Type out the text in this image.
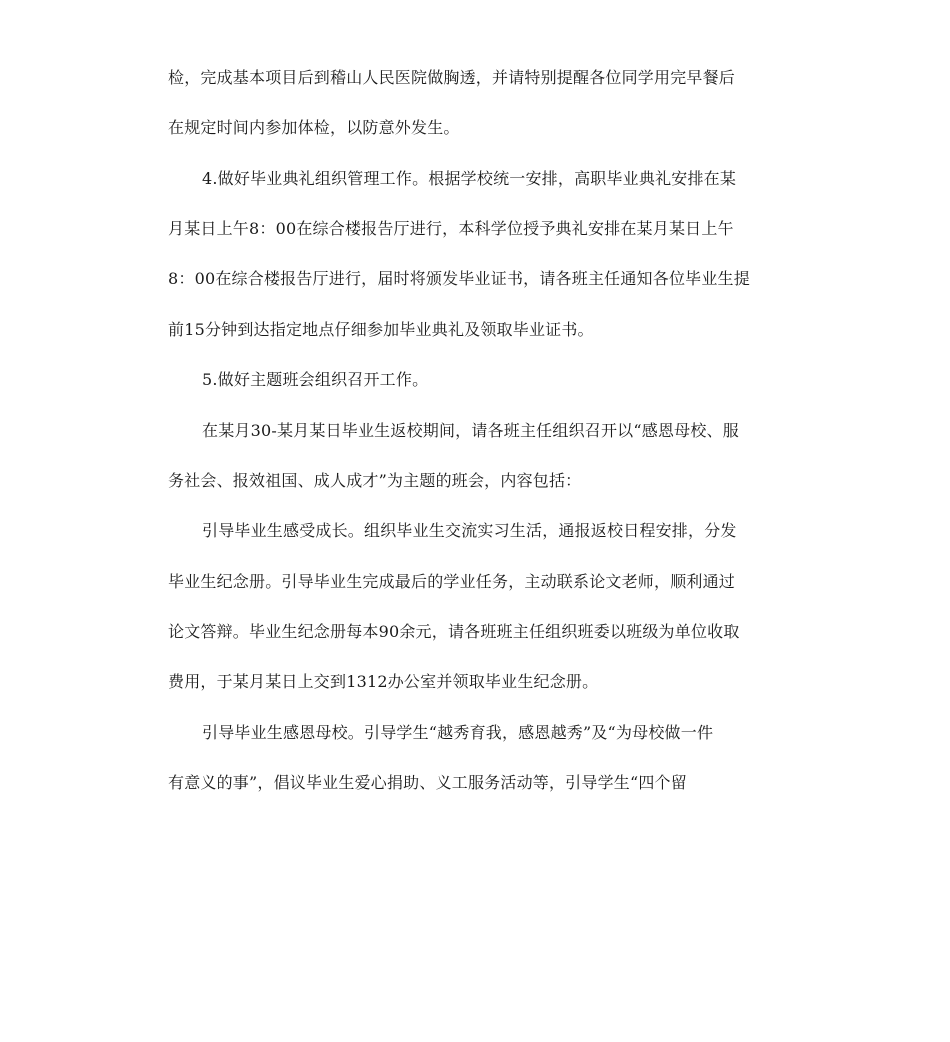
检，完成基本项目后到稽山人民医院做胸透，并请特别提醒各位同学用完早餐后
在规定时间内参加体检，以防意外发生。
4.做好毕业典礼组织管理工作。根据学校统一安排，高职毕业典礼安排在某
月某日上午8：00在综合楼报告厅进行，本科学位授予典礼安排在某月某日上午
8：00在综合楼报告厅进行，届时将颁发毕业证书，请各班主任通知各位毕业生提
前15分钟到达指定地点仔细参加毕业典礼及领取毕业证书。
5.做好主题班会组织召开工作。
在某月30-某月某日毕业生返校期间，请各班主任组织召开以“感恩母校、服
务社会、报效祖国、成人成才”为主题的班会，内容包括：
引导毕业生感受成长。组织毕业生交流实习生活，通报返校日程安排，分发
毕业生纪念册。引导毕业生完成最后的学业任务，主动联系论文老师，顺利通过
论文答辩。毕业生纪念册每本90余元，请各班班主任组织班委以班级为单位收取
费用，于某月某日上交到1312办公室并领取毕业生纪念册。
引导毕业生感恩母校。引导学生“越秀育我，感恩越秀”及“为母校做一件
有意义的事”，倡议毕业生爱心捐助、义工服务活动等，引导学生“四个留
